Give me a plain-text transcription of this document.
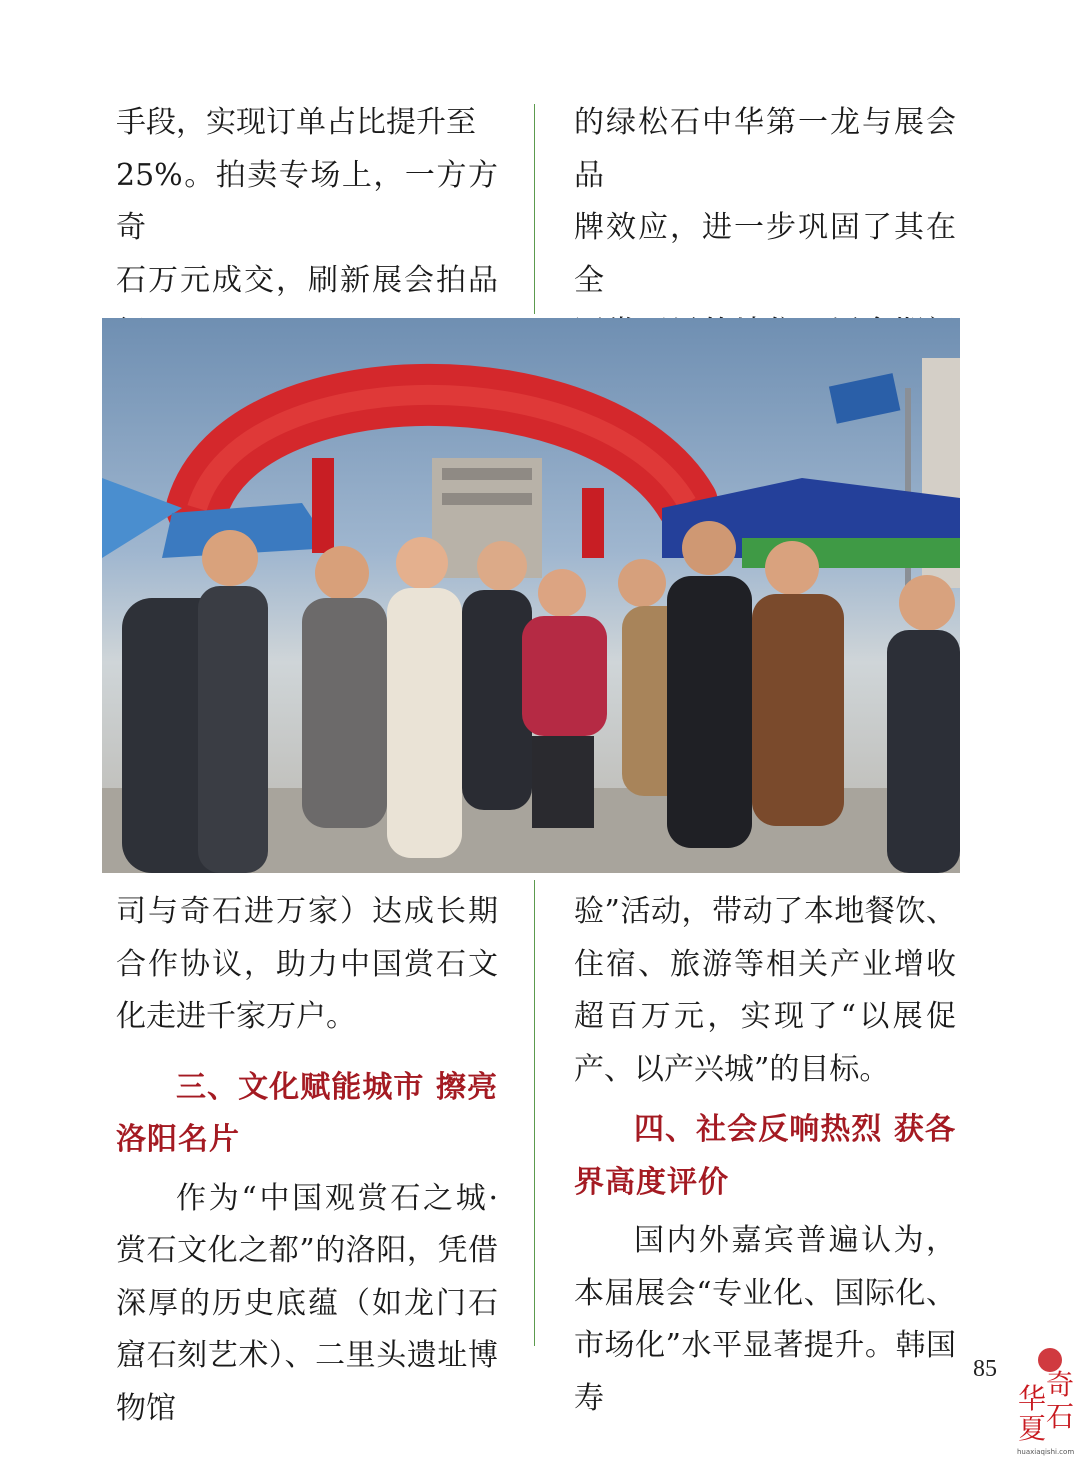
手段，实现订单占比提升至

25%。拍卖专场上，一方方奇

石万元成交，刷新展会拍品

的绿松石中华第一龙与展会品

牌效应，进一步巩固了其在全

司与奇石进万家）达成长期合作协议，助力中国赏石文化走进千家万户。

三、文化赋能城市 擦亮洛阳名片

作为“中国观赏石之城·赏石文化之都”的洛阳，凭借深厚的历史底蕴（如龙门石窟石刻艺术）、二里头遗址博物馆

验”活动，带动了本地餐饮、住宿、旅游等相关产业增收超百万元，实现了“以展促产、以产兴城”的目标。

四、社会反响热烈 获各界高度评价

国内外嘉宾普遍认为，本届展会“专业化、国际化、市场化”水平显著提升。韩国寿

85
华 奇
夏 石
huaxiaqishi.com
